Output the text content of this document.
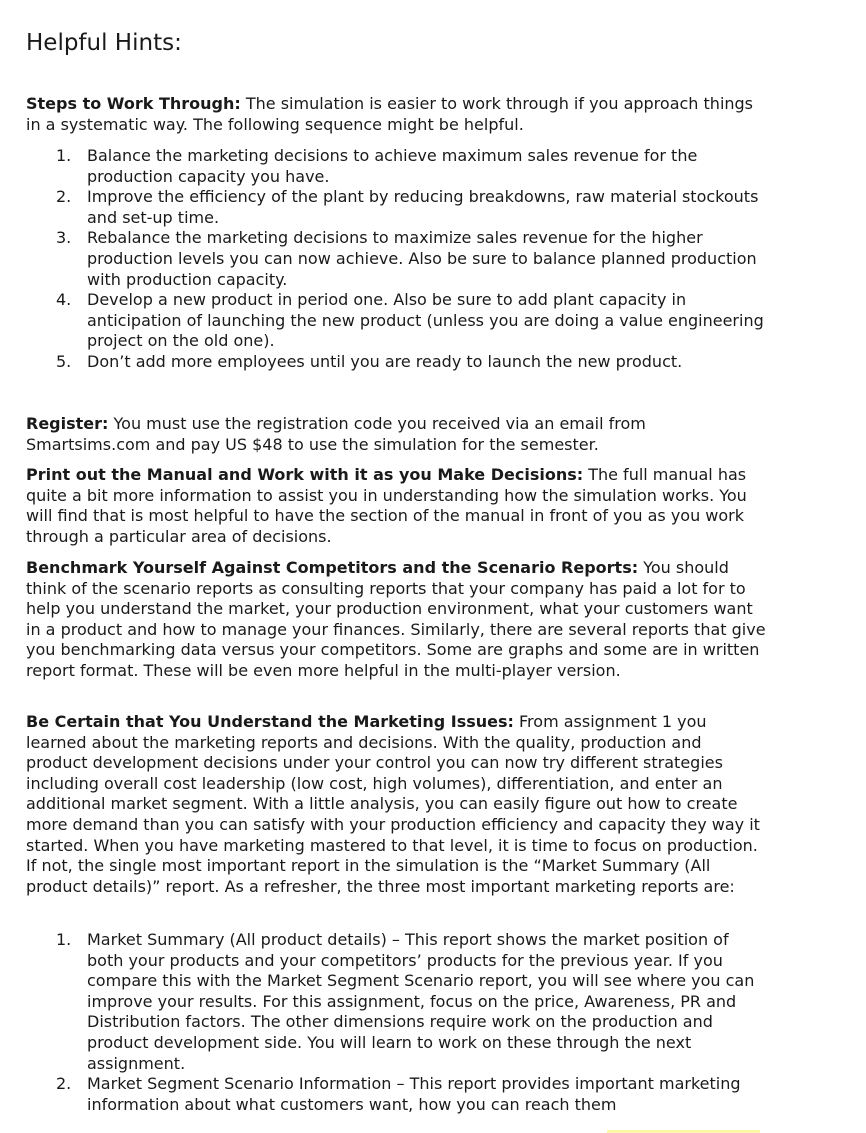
Helpful Hints:

Steps to Work Through: The simulation is easier to work through if you approach things in a systematic way. The following sequence might be helpful.

1. Balance the marketing decisions to achieve maximum sales revenue for the production capacity you have.
2. Improve the efficiency of the plant by reducing breakdowns, raw material stockouts and set-up time.
3. Rebalance the marketing decisions to maximize sales revenue for the higher production levels you can now achieve. Also be sure to balance planned production with production capacity.
4. Develop a new product in period one. Also be sure to add plant capacity in anticipation of launching the new product (unless you are doing a value engineering project on the old one).
5. Don’t add more employees until you are ready to launch the new product.

Register: You must use the registration code you received via an email from Smartsims.com and pay US $48 to use the simulation for the semester.

Print out the Manual and Work with it as you Make Decisions: The full manual has quite a bit more information to assist you in understanding how the simulation works. You will find that is most helpful to have the section of the manual in front of you as you work through a particular area of decisions.

Benchmark Yourself Against Competitors and the Scenario Reports: You should think of the scenario reports as consulting reports that your company has paid a lot for to help you understand the market, your production environment, what your customers want in a product and how to manage your finances. Similarly, there are several reports that give you benchmarking data versus your competitors. Some are graphs and some are in written report format. These will be even more helpful in the multi-player version.

Be Certain that You Understand the Marketing Issues: From assignment 1 you learned about the marketing reports and decisions. With the quality, production and product development decisions under your control you can now try different strategies including overall cost leadership (low cost, high volumes), differentiation, and enter an additional market segment. With a little analysis, you can easily figure out how to create more demand than you can satisfy with your production efficiency and capacity they way it started. When you have marketing mastered to that level, it is time to focus on production. If not, the single most important report in the simulation is the “Market Summary (All product details)” report. As a refresher, the three most important marketing reports are:

1. Market Summary (All product details) – This report shows the market position of both your products and your competitors’ products for the previous year. If you compare this with the Market Segment Scenario report, you will see where you can improve your results. For this assignment, focus on the price, Awareness, PR and Distribution factors. The other dimensions require work on the production and product development side. You will learn to work on these through the next assignment.
2. Market Segment Scenario Information – This report provides important marketing information about what customers want, how you can reach them
